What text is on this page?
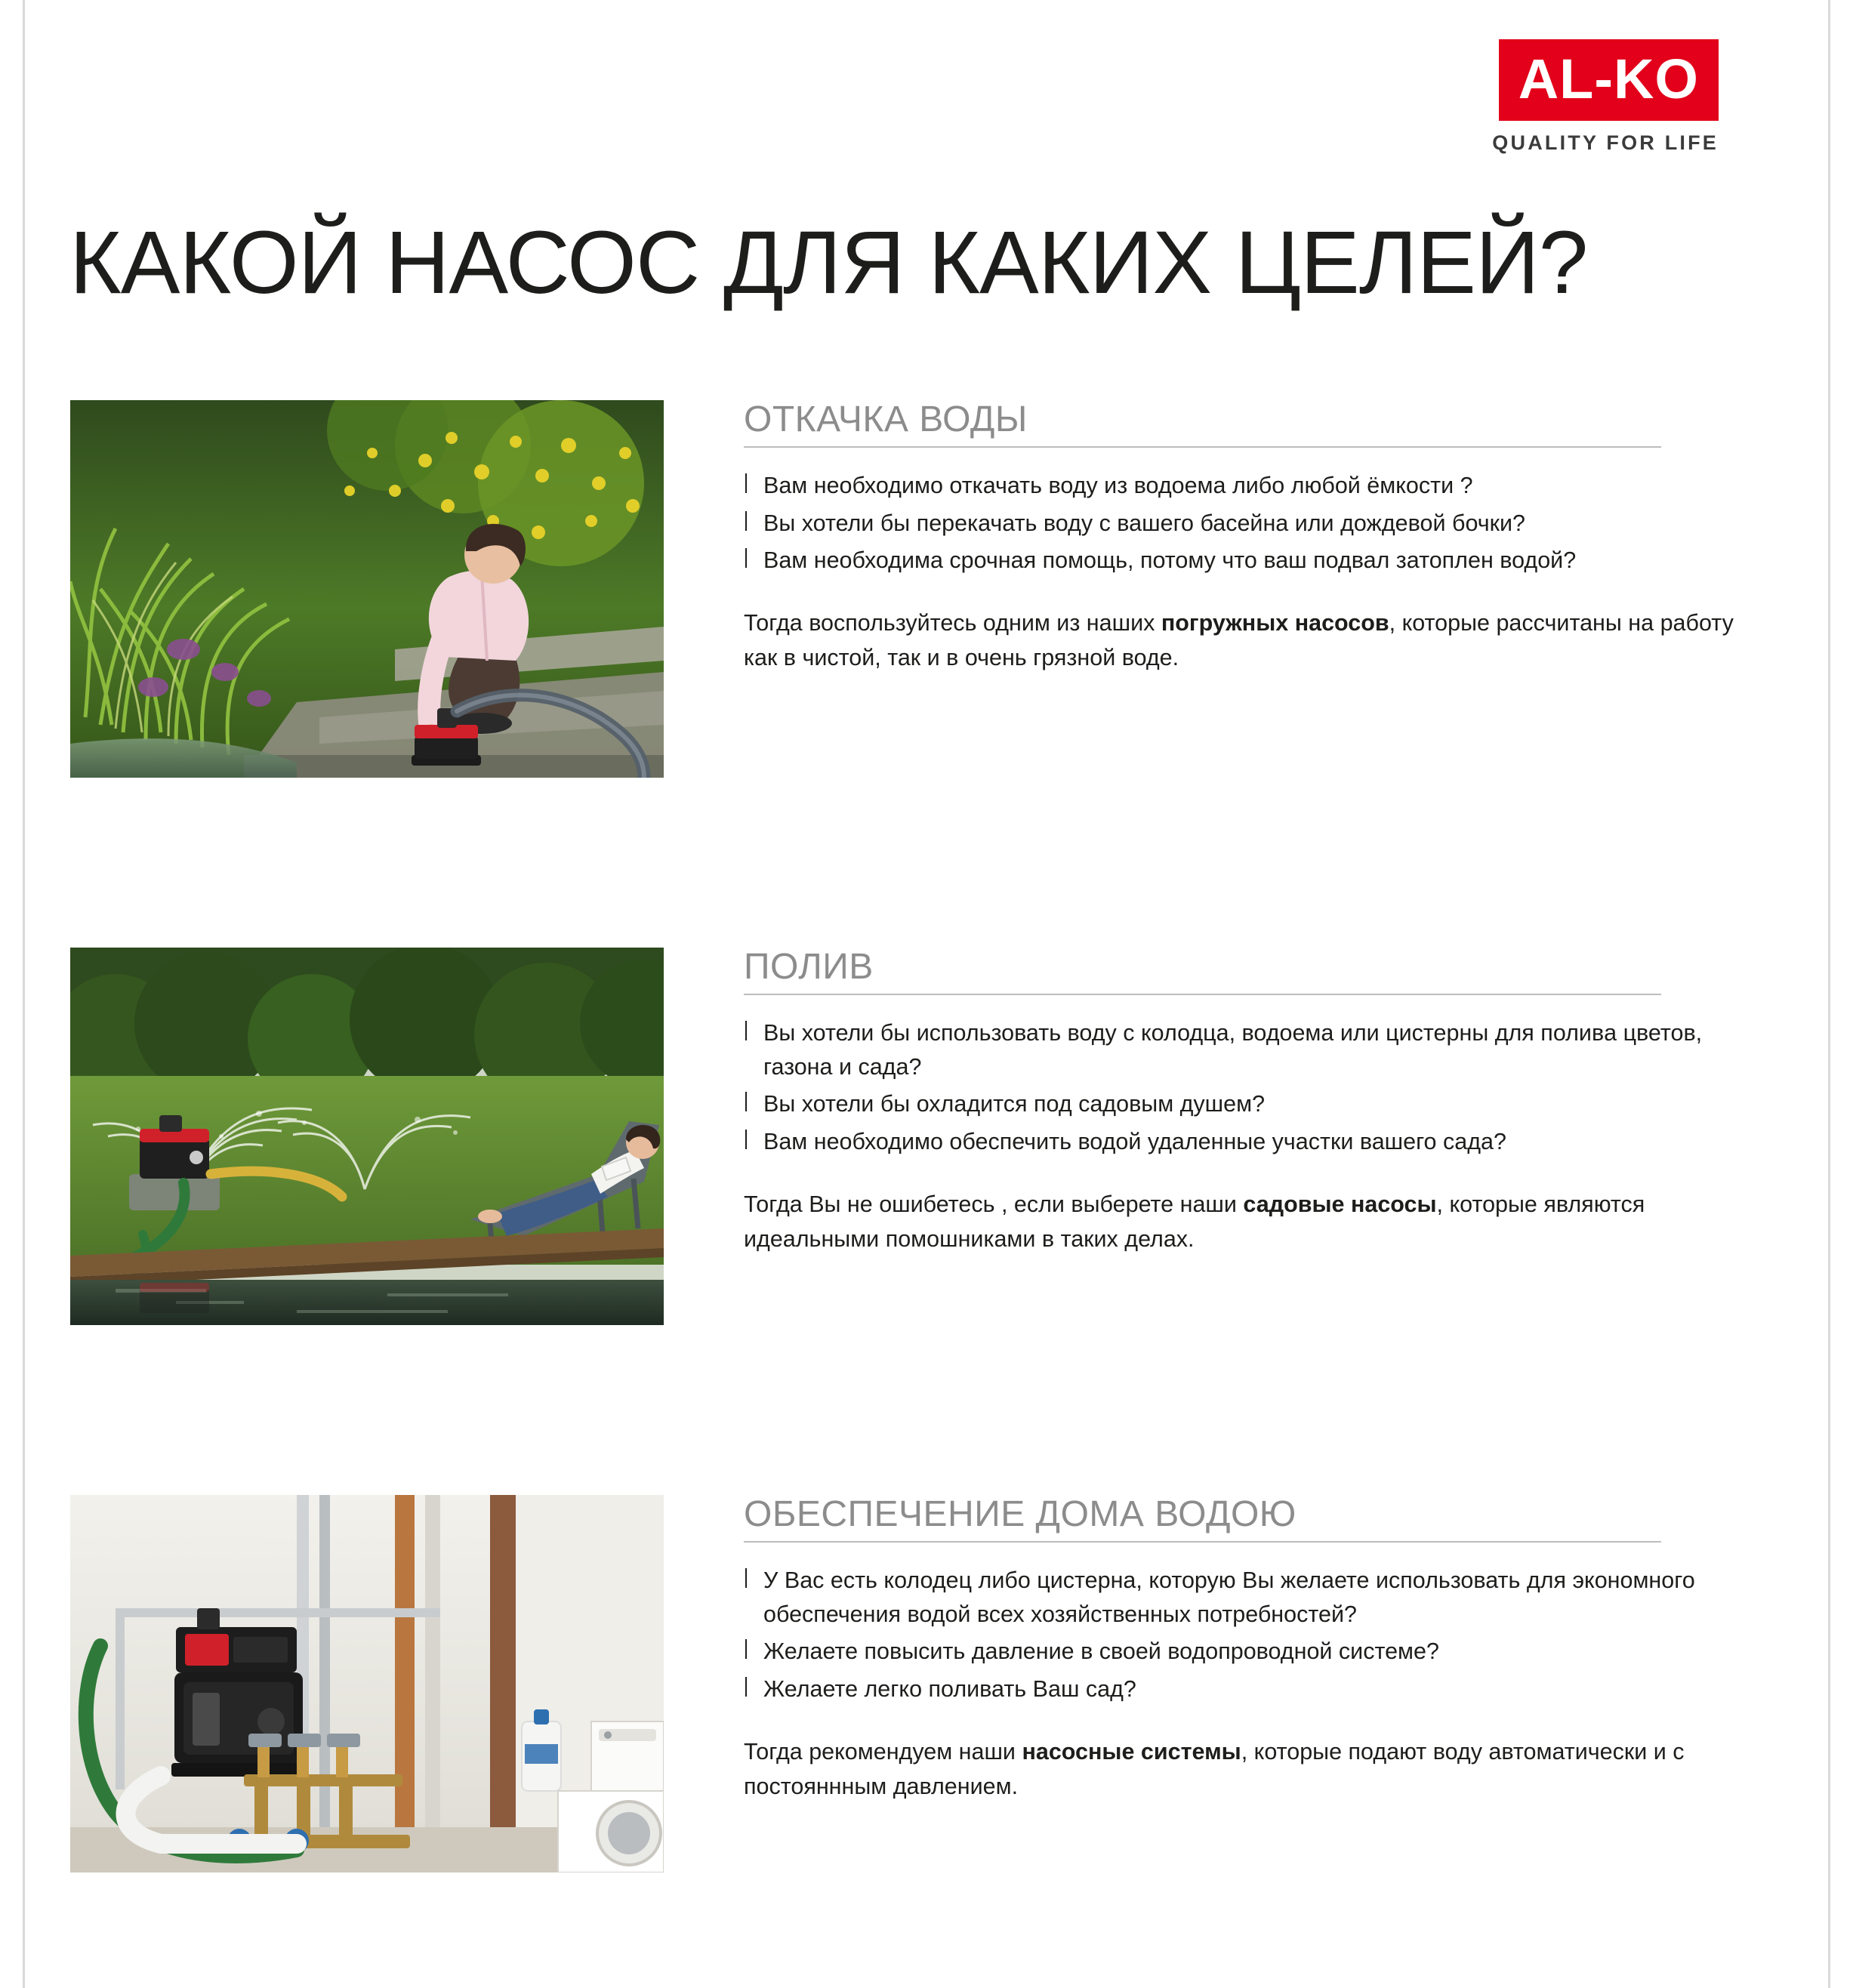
AL-KO
QUALITY FOR LIFE
КАКОЙ НАСОС ДЛЯ КАКИХ ЦЕЛЕЙ?
ОТКАЧКА ВОДЫ
Вам необходимо откачать воду из водоема либо любой ёмкости ?
Вы хотели бы перекачать воду с вашего басейна или дождевой бочки?
Вам необходима срочная помощь, потому что ваш подвал затоплен водой?

Тогда воспользуйтесь одним из наших погружных насосов, которые рассчитаны на работу как в чистой, так и в очень грязной воде.

ПОЛИВ
Вы хотели бы использовать воду с колодца, водоема или цистерны для поливa цветов, газона и сада?
Вы хотели бы охладится под садовым душем?
Вам необходимо обеспечить водой удаленные участки вашего сада?

Тогда Вы не ошибетесь , если выберете наши садовые насосы, которые являются идеальными помошниками в таких делах.

ОБЕСПЕЧЕНИЕ ДОМА ВОДОЮ
У Вас есть колодец либо цистерна, которую Вы желаете использовать для экономного обеспечения водой всех хозяйственных потребностей?
Желаете повысить давление в своей водопроводной системе?
Желаете легко поливать Ваш сад?

Тогда рекомендуем наши насосные системы, которые подают воду автоматически и с постояннным давлением.
